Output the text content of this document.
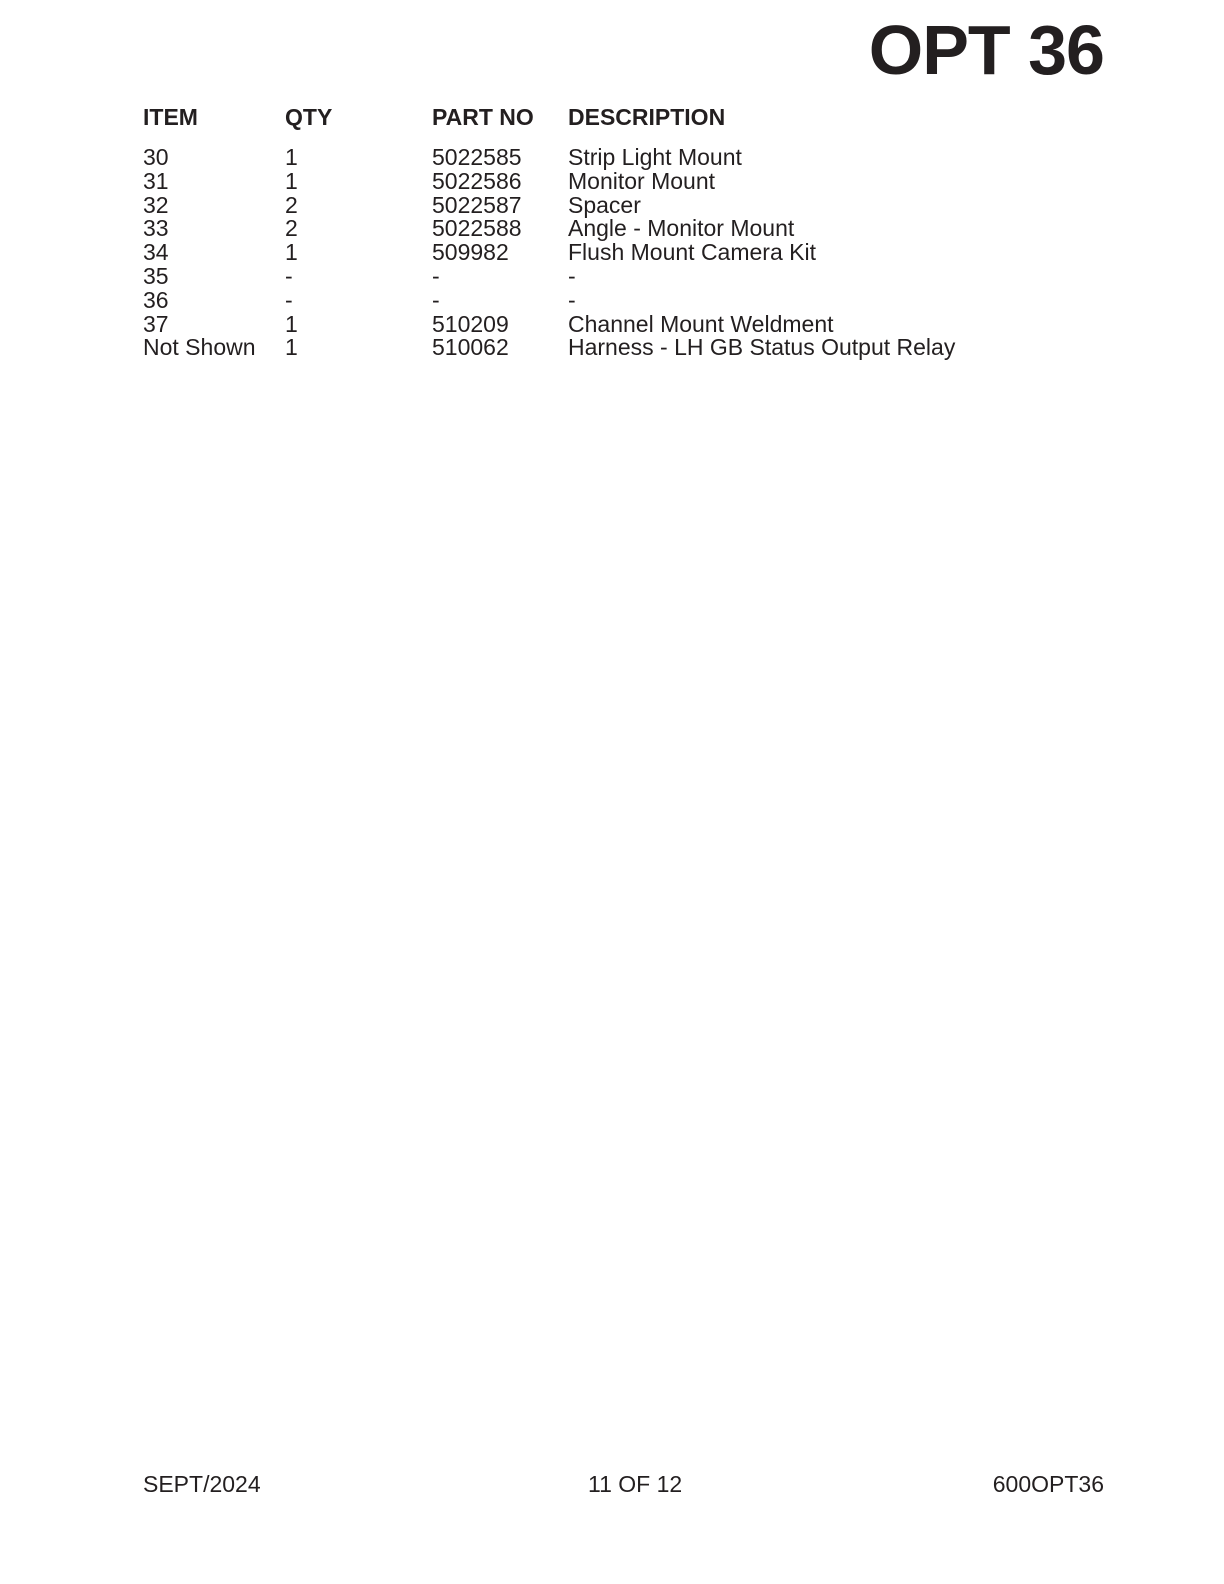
OPT 36
ITEM	QTY	PART NO	DESCRIPTION

30	1	5022585	Strip Light Mount
31	1	5022586	Monitor Mount
32	2	5022587	Spacer
33	2	5022588	Angle - Monitor Mount
34	1	509982	Flush Mount Camera Kit
35	-	-	-
36	-	-	-
37	1	510209	Channel Mount Weldment
Not Shown	1	510062	Harness - LH GB Status Output Relay
SEPT/2024	11 OF 12	600OPT36
